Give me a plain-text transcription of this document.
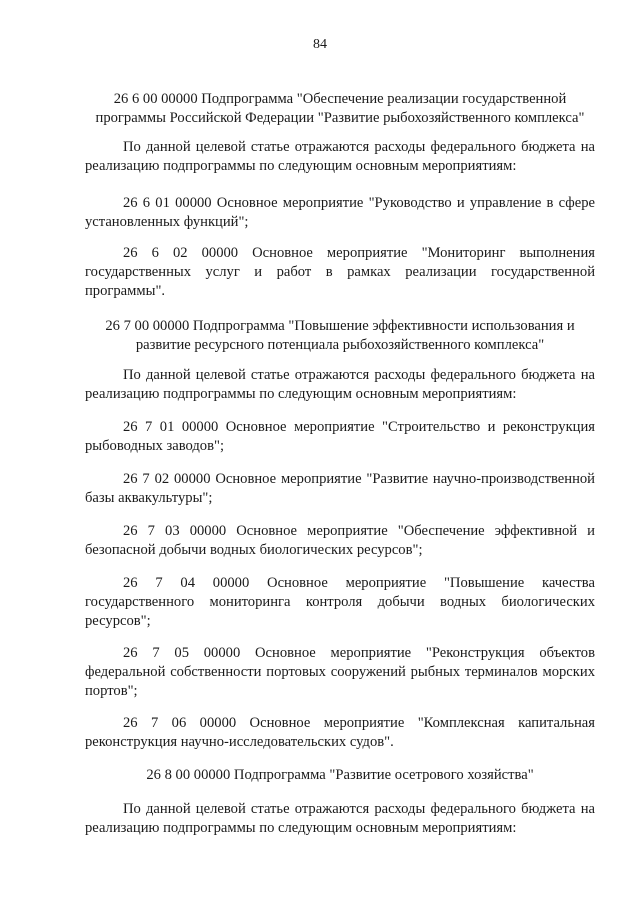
84
26 6 00 00000 Подпрограмма "Обеспечение реализации государственной программы Российской Федерации "Развитие рыбохозяйственного комплекса"
По данной целевой статье отражаются расходы федерального бюджета на реализацию подпрограммы по следующим основным мероприятиям:
26 6 01 00000 Основное мероприятие "Руководство и управление в сфере установленных функций";
26 6 02 00000 Основное мероприятие "Мониторинг выполнения государственных услуг и работ в рамках реализации государственной программы".
26 7 00 00000 Подпрограмма "Повышение эффективности использования и развитие ресурсного потенциала рыбохозяйственного комплекса"
По данной целевой статье отражаются расходы федерального бюджета на реализацию подпрограммы по следующим основным мероприятиям:
26 7 01 00000 Основное мероприятие "Строительство и реконструкция рыбоводных заводов";
26 7 02 00000 Основное мероприятие "Развитие научно-производственной базы аквакультуры";
26 7 03 00000 Основное мероприятие "Обеспечение эффективной и безопасной добычи водных биологических ресурсов";
26 7 04 00000 Основное мероприятие "Повышение качества государственного мониторинга контроля добычи водных биологических ресурсов";
26 7 05 00000 Основное мероприятие "Реконструкция объектов федеральной собственности портовых сооружений рыбных терминалов морских портов";
26 7 06 00000 Основное мероприятие "Комплексная капитальная реконструкция научно-исследовательских судов".
26 8 00 00000 Подпрограмма "Развитие осетрового хозяйства"
По данной целевой статье отражаются расходы федерального бюджета на реализацию подпрограммы по следующим основным мероприятиям:
